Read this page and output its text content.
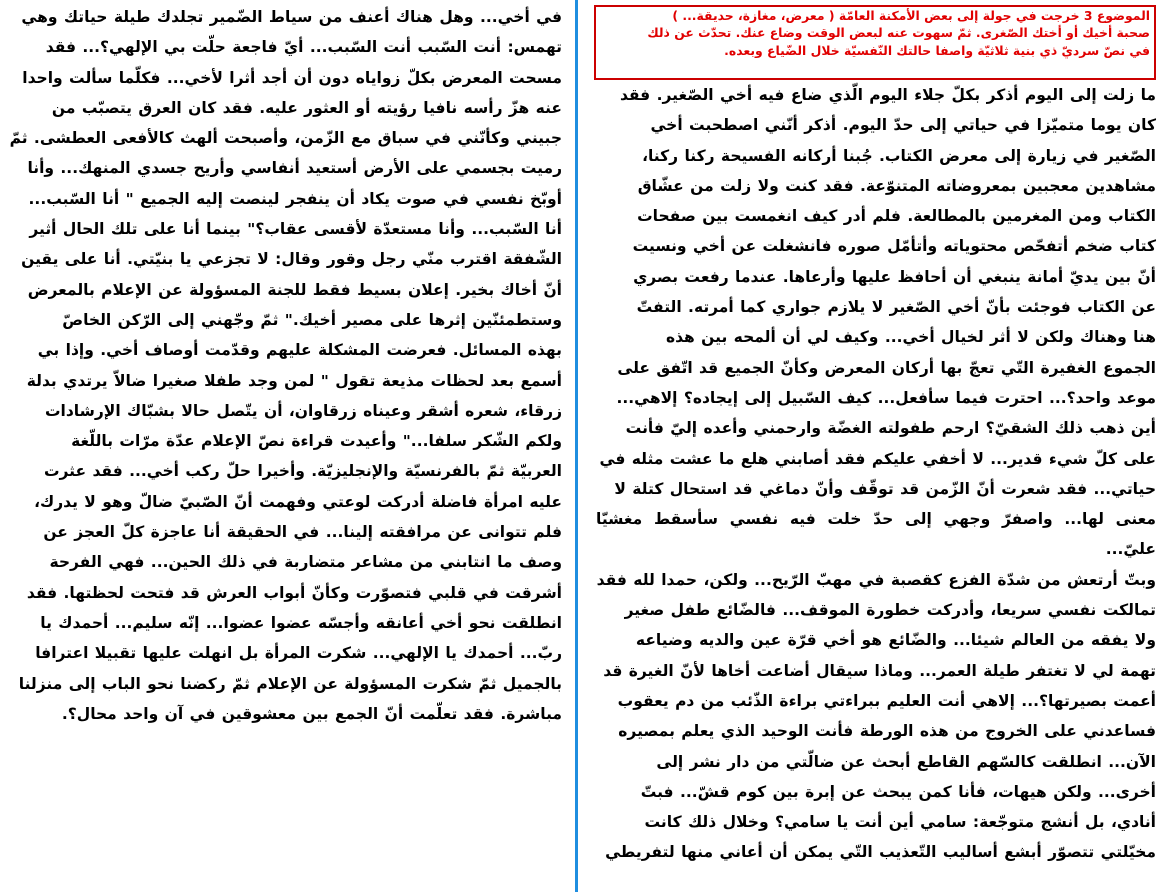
في أخي... وهل هناك أعنف من سياط الضّمير تجلدك طيلة حياتك وهي
تهمس: أنت السّبب أنت السّبب... أيّ فاجعة حلّت بي الإلهي؟... فقد
مسحت المعرض بكلّ زواياه دون أن أجد أثرا لأخي... فكلّما سألت واحدا
عنه هزّ رأسه نافيا رؤيته أو العثور عليه. فقد كان العرق يتصبّب من
جبيني وكأنّني في سباق مع الزّمن، وأصبحت ألهث كالأفعى العطشى. ثمّ
رميت بجسمي على الأرض أستعيد أنفاسي وأريح جسدي المنهك... وأنا
أوبّخ نفسي في صوت يكاد أن ينفجر لينصت إليه الجميع " أنا السّبب...
أنا السّبب... وأنا مستعدّة لأقسى عقاب؟" بينما أنا على تلك الحال أثير
الشّفقة اقترب منّي رجل وقور وقال: لا تجزعي يا بنيّتي. أنا على يقين
أنّ أخاك بخير. إعلان بسيط فقط للجنة المسؤولة عن الإعلام بالمعرض
وستطمئنّين إثرها على مصير أخيك." ثمّ وجّهني إلى الرّكن الخاصّ
بهذه المسائل. فعرضت المشكلة عليهم وقدّمت أوصاف أخي. وإذا بي
أسمع بعد لحظات مذيعة تقول " لمن وجد طفلا صغيرا ضالاّ يرتدي بدلة
زرقاء، شعره أشقر وعيناه زرقاوان، أن يتّصل حالا بشبّاك الإرشادات
ولكم الشّكر سلفا..." وأعيدت قراءة نصّ الإعلام عدّة مرّات باللّغة
العربيّة ثمّ بالفرنسيّة والإنجليزيّة. وأخيرا حلّ ركب أخي... فقد عثرت
عليه امرأة فاضلة أدركت لوعتي وفهمت أنّ الصّبيّ ضالّ وهو لا يدرك،
فلم تتوانى عن مرافقته إلينا... في الحقيقة أنا عاجزة كلّ العجز عن
وصف ما انتابني من مشاعر متضاربة في ذلك الحين... فهي الفرحة
أشرقت في قلبي فتصوّرت وكأنّ أبواب العرش قد فتحت لحظتها. فقد
انطلقت نحو أخي أعانقه وأجسّه عضوا عضوا... إنّه سليم... أحمدك يا
ربّ... أحمدك يا الإلهي... شكرت المرأة بل انهلت عليها تقبيلا اعترافا
بالجميل ثمّ شكرت المسؤولة عن الإعلام ثمّ ركضنا نحو الباب إلى منزلنا
مباشرة. فقد تعلّمت أنّ الجمع بين معشوقين في آن واحد محال؟.
الموضوع 3 خرجت في جولة إلى بعض الأمكنة العامّة ( معرض، مغازة، حديقة... )
صحبة أخيك أو أختك الصّغرى. ثمّ سهوت عنه لبعض الوقت وضاع عنك. تحدّث عن ذلك
في نصّ سرديّ ذي بنية ثلاثيّة واصفا حالتك النّفسيّة خلال الضّياع وبعده.
ما زلت إلى اليوم أذكر بكلّ جلاء اليوم الّذي ضاع فيه أخي الصّغير. فقد
كان يوما متميّزا في حياتي إلى حدّ اليوم. أذكر أنّني اصطحبت أخي
الصّغير في زيارة إلى معرض الكتاب. جُبنا أركانه الفسيحة ركنا ركنا،
مشاهدين معجبين بمعروضاته المتنوّعة. فقد كنت ولا زلت من عشّاق
الكتاب ومن المغرمين بالمطالعة. فلم أدر كيف انغمست بين صفحات
كتاب ضخم أتفحّص محتوياته وأتأمّل صوره فانشغلت عن أخي ونسيت
أنّ بين يديّ أمانة ينبغي أن أحافظ عليها وأرعاها. عندما رفعت بصري
عن الكتاب فوجئت بأنّ أخي الصّغير لا يلازم جواري كما أمرته. التفتّ
هنا وهناك ولكن لا أثر لخيال أخي... وكيف لي أن ألمحه بين هذه
الجموع الغفيرة التّي تعجّ بها أركان المعرض وكأنّ الجميع قد اتّفق على
موعد واحد؟... احترت فيما سأفعل... كيف السّبيل إلى إيجاده؟ إلاهي...
أين ذهب ذلك الشقيّ؟ ارحم طفولته الغضّة وارحمني وأعده إليّ فأنت
على كلّ شيء قدير... لا أخفي عليكم فقد أصابني هلع ما عشت مثله في
حياتي... فقد شعرت أنّ الزّمن قد توقّف وأنّ دماغي قد استحال كتلة لا
معنى لها... واصفرّ وجهي إلى حدّ خلت فيه نفسي سأسقط مغشيّا عليّ...
وبتّ أرتعش من شدّة الفزع كقصبة في مهبّ الرّيح... ولكن، حمدا لله فقد
تمالكت نفسي سريعا، وأدركت خطورة الموقف... فالضّائع طفل صغير
ولا يفقه من العالم شيئا... والضّائع هو أخي قرّة عين والديه وضياعه
تهمة لي لا تغتفر طيلة العمر... وماذا سيقال أضاعت أخاها لأنّ الغيرة قد
أعمت بصيرتها؟... إلاهي أنت العليم ببراءتي براءة الذّئب من دم يعقوب
فساعدني على الخروج من هذه الورطة فأنت الوحيد الذي يعلم بمصيره
الآن... انطلقت كالسّهم القاطع أبحث عن ضالّتي من دار نشر إلى
أخرى... ولكن هيهات، فأنا كمن يبحث عن إبرة بين كوم قشّ... فبتّ
أنادي، بل أنشج متوجّعة: سامي أين أنت يا سامي؟ وخلال ذلك كانت
مخيّلتي تتصوّر أبشع أساليب التّعذيب التّي يمكن أن أعاني منها لتفريطي
